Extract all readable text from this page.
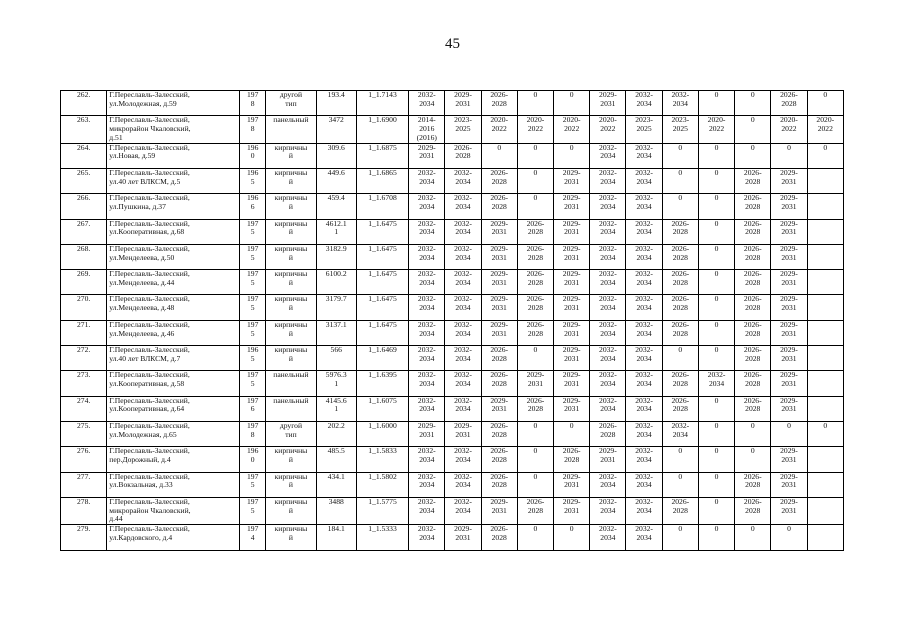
45
262.	Г.Переславль-Залесский,
ул.Молодежная, д.59	197
8	другой
тип	193.4	1_1.7143	2032-
2034	2029-
2031	2026-
2028	0	0	2029-
2031	2032-
2034	2032-
2034	0	0	2026-
2028	0

263.	Г.Переславль-Залесский,
микрорайон Чкаловский,
д.51	197
8	панельный	3472	1_1.6900	2014-
2016
(2016)	2023-
2025	2020-
2022	2020-
2022	2020-
2022	2020-
2022	2023-
2025	2023-
2025	2020-
2022	0	2020-
2022	2020-
2022

264.	Г.Переславль-Залесский,
ул.Новая, д.59	196
0	кирпичны
й	309.6	1_1.6875	2029-
2031	2026-
2028	0	0	0	2032-
2034	2032-
2034	0	0	0	0	0

265.	Г.Переславль-Залесский,
ул.40 лет ВЛКСМ, д.5	196
5	кирпичны
й	449.6	1_1.6865	2032-
2034	2032-
2034	2026-
2028	0	2029-
2031	2032-
2034	2032-
2034	0	0	2026-
2028	2029-
2031	

266.	Г.Переславль-Залесский,
ул.Пушкина, д.37	196
6	кирпичны
й	459.4	1_1.6708	2032-
2034	2032-
2034	2026-
2028	0	2029-
2031	2032-
2034	2032-
2034	0	0	2026-
2028	2029-
2031	

267.	Г.Переславль-Залесский,
ул.Кооперативная, д.68	197
5	кирпичны
й	4612.1
1	1_1.6475	2032-
2034	2032-
2034	2029-
2031	2026-
2028	2029-
2031	2032-
2034	2032-
2034	2026-
2028	0	2026-
2028	2029-
2031	

268.	Г.Переславль-Залесский,
ул.Менделеева, д.50	197
5	кирпичны
й	3182.9	1_1.6475	2032-
2034	2032-
2034	2029-
2031	2026-
2028	2029-
2031	2032-
2034	2032-
2034	2026-
2028	0	2026-
2028	2029-
2031	

269.	Г.Переславль-Залесский,
ул.Менделеева, д.44	197
5	кирпичны
й	6100.2	1_1.6475	2032-
2034	2032-
2034	2029-
2031	2026-
2028	2029-
2031	2032-
2034	2032-
2034	2026-
2028	0	2026-
2028	2029-
2031	

270.	Г.Переславль-Залесский,
ул.Менделеева, д.48	197
5	кирпичны
й	3179.7	1_1.6475	2032-
2034	2032-
2034	2029-
2031	2026-
2028	2029-
2031	2032-
2034	2032-
2034	2026-
2028	0	2026-
2028	2029-
2031	

271.	Г.Переславль-Залесский,
ул.Менделеева, д.46	197
5	кирпичны
й	3137.1	1_1.6475	2032-
2034	2032-
2034	2029-
2031	2026-
2028	2029-
2031	2032-
2034	2032-
2034	2026-
2028	0	2026-
2028	2029-
2031	

272.	Г.Переславль-Залесский,
ул.40 лет ВЛКСМ, д.7	196
5	кирпичны
й	566	1_1.6469	2032-
2034	2032-
2034	2026-
2028	0	2029-
2031	2032-
2034	2032-
2034	0	0	2026-
2028	2029-
2031	

273.	Г.Переславль-Залесский,
ул.Кооперативная, д.58	197
5	панельный	5976.3
1	1_1.6395	2032-
2034	2032-
2034	2026-
2028	2029-
2031	2029-
2031	2032-
2034	2032-
2034	2026-
2028	2032-
2034	2026-
2028	2029-
2031	

274.	Г.Переславль-Залесский,
ул.Кооперативная, д.64	197
6	панельный	4145.6
1	1_1.6075	2032-
2034	2032-
2034	2029-
2031	2026-
2028	2029-
2031	2032-
2034	2032-
2034	2026-
2028	0	2026-
2028	2029-
2031	

275.	Г.Переславль-Залесский,
ул.Молодежная, д.65	197
8	другой
тип	202.2	1_1.6000	2029-
2031	2029-
2031	2026-
2028	0	0	2026-
2028	2032-
2034	2032-
2034	0	0	0	0

276.	Г.Переславль-Залесский,
пер.Дорожный, д.4	196
0	кирпичны
й	485.5	1_1.5833	2032-
2034	2032-
2034	2026-
2028	0	2026-
2028	2029-
2031	2032-
2034	0	0	0	2029-
2031	

277.	Г.Переславль-Залесский,
ул.Вокзальная, д.33	197
5	кирпичны
й	434.1	1_1.5802	2032-
2034	2032-
2034	2026-
2028	0	2029-
2031	2032-
2034	2032-
2034	0	0	2026-
2028	2029-
2031	

278.	Г.Переславль-Залесский,
микрорайон Чкаловский,
д.44	197
5	кирпичны
й	3488	1_1.5775	2032-
2034	2032-
2034	2029-
2031	2026-
2028	2029-
2031	2032-
2034	2032-
2034	2026-
2028	0	2026-
2028	2029-
2031	

279.	Г.Переславль-Залесский,
ул.Кардовского, д.4	197
4	кирпичны
й	184.1	1_1.5333	2032-
2034	2029-
2031	2026-
2028	0	0	2032-
2034	2032-
2034	0	0	0	0	
